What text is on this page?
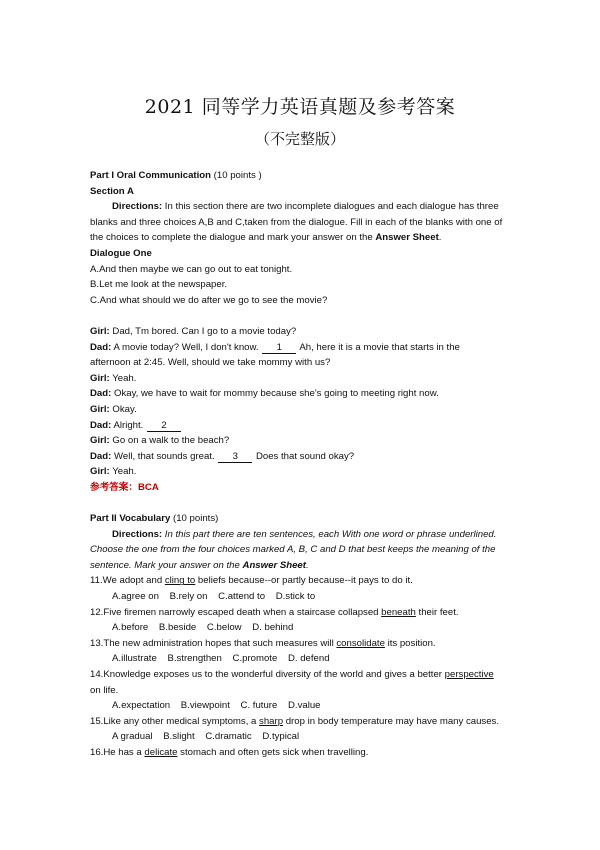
2021 同等学力英语真题及参考答案
（不完整版）

Part I Oral Communication (10 points )

Section A

Directions: In this section there are two incomplete dialogues and each dialogue has three

blanks and three choices A,B and C,taken from the dialogue. Fill in each of the blanks with one of

the choices to complete the dialogue and mark your answer on the Answer Sheet.

Dialogue One

A.And then maybe we can go out to eat tonight.

B.Let me look at the newspaper.

C.And what should we do after we go to see the movie?

Girl: Dad, Tm bored. Can I go to a movie today?

Dad: A movie today? Well, I don't know. 1 Ah, here it is a movie that starts in the

afternoon at 2:45. Well, should we take mommy with us?

Girl: Yeah.

Dad: Okay, we have to wait for mommy because she's going to meeting right now.

Girl: Okay.

Dad: Alright. 2

Girl: Go on a walk to the beach?

Dad: Well, that sounds great. 3 Does that sound okay?

Girl: Yeah.

参考答案：BCA

Part II Vocabulary (10 points)

Directions: In this part there are ten sentences, each With one word or phrase underlined.

Choose the one from the four choices marked A, B, C and D that best keeps the meaning of the

sentence. Mark your answer on the Answer Sheet.

11.We adopt and cling to beliefs because--or partly because--it pays to do it.

A.agree on    B.rely on    C.attend to    D.stick to

12.Five firemen narrowly escaped death when a staircase collapsed beneath their feet.

A.before    B.beside    C.below    D. behind

13.The new administration hopes that such measures will consolidate its position.

A.illustrate    B.strengthen    C.promote    D. defend

14.Knowledge exposes us to the wonderful diversity of the world and gives a better perspective

on life.

A.expectation    B.viewpoint    C. future    D.value

15.Like any other medical symptoms, a sharp drop in body temperature may have many causes.

A gradual    B.slight    C.dramatic    D.typical

16.He has a delicate stomach and often gets sick when travelling.
